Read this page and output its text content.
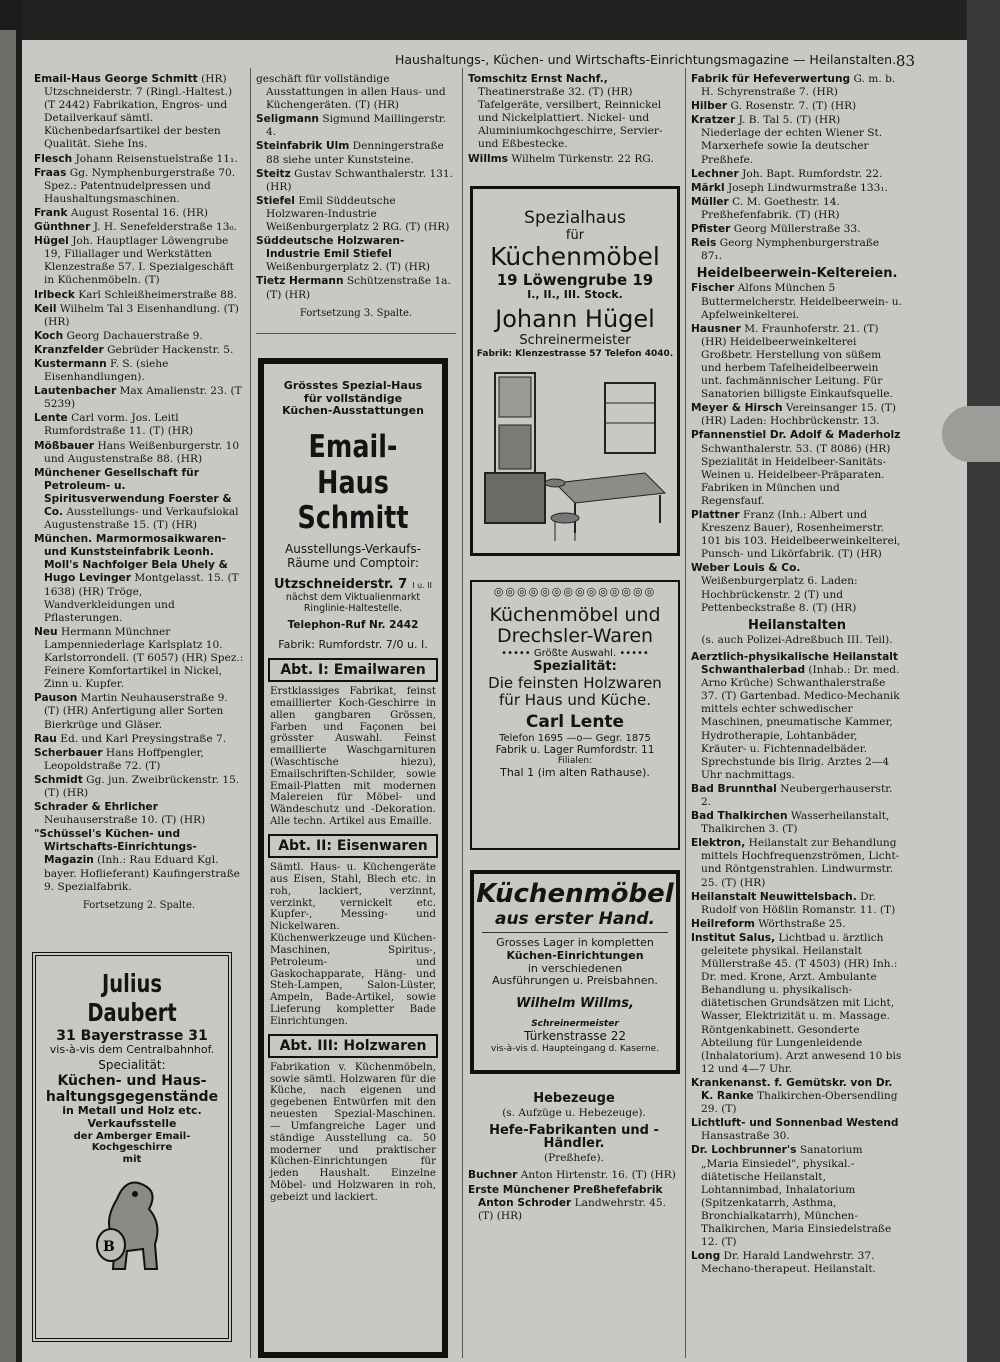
Haushaltungs-, Küchen- und Wirtschafts-Einrichtungsmagazine — Heilanstalten. 83

Email-Haus George Schmitt (HR) Utzschneiderstr. 7 (Ringl.-Haltest.) (T 2442) Fabrikation, Engros- und Detailverkauf sämtl. Küchenbedarfsartikel der besten Qualität. Siehe Ins.

Flesch Johann Reisenstuelstraße 11₁.

Fraas Gg. Nymphenburgerstraße 70. Spez.: Patentnudelpressen und Haushaltungsmaschinen.

Frank August Rosental 16. (HR)

Günthner J. H. Senefelderstraße 13₀.

Hügel Joh. Hauptlager Löwengrube 19, Filiallager und Werkstätten Klenzestraße 57. I. Spezialgeschäft in Küchenmöbeln. (T)

Irlbeck Karl Schleißheimerstraße 88.

Keil Wilhelm Tal 3 Eisenhandlung. (T) (HR)

Koch Georg Dachauerstraße 9.

Kranzfelder Gebrüder Hackenstr. 5.

Kustermann F. S. (siehe Eisenhandlungen).

Lautenbacher Max Amalienstr. 23. (T 5239)

Lente Carl vorm. Jos. Leitl Rumfordstraße 11. (T) (HR)

Mößbauer Hans Weißenburgerstr. 10 und Augustenstraße 88. (HR)

Münchener Gesellschaft für Petroleum- u. Spiritusverwendung Foerster & Co. Ausstellungs- und Verkaufslokal Augustenstraße 15. (T) (HR)

München. Marmormosaikwaren- und Kunststeinfabrik Leonh. Moll's Nachfolger Bela Uhely & Hugo Levinger Montgelasst. 15. (T 1638) (HR) Tröge, Wandverkleidungen und Pflasterungen.

Neu Hermann Münchner Lampenniederlage Karlsplatz 10. Karlstorrondell. (T 6057) (HR) Spez.: Feinere Komfortartikel in Nickel, Zinn u. Kupfer.

Pauson Martin Neuhauserstraße 9. (T) (HR) Anfertigung aller Sorten Bierkrüge und Gläser.

Rau Ed. und Karl Preysingstraße 7.

Scherbauer Hans Hoffpengler, Leopoldstraße 72. (T)

Schmidt Gg. jun. Zweibrückenstr. 15. (T) (HR)

Schrader & Ehrlicher Neuhauserstraße 10. (T) (HR)

"Schüssel's Küchen- und Wirtschafts-Einrichtungs-Magazin (Inh.: Rau Eduard Kgl. bayer. Hoflieferant) Kaufingerstraße 9. Spezialfabrik.

Fortsetzung 2. Spalte.

geschäft für vollständige Ausstattungen in allen Haus- und Küchengeräten. (T) (HR)

Seligmann Sigmund Maillingerstr. 4.

Steinfabrik Ulm Denningerstraße 88 siehe unter Kunststeine.

Steitz Gustav Schwanthalerstr. 131. (HR)

Stiefel Emil Süddeutsche Holzwaren-Industrie Weißenburgerplatz 2 RG. (T) (HR)

Süddeutsche Holzwaren-Industrie Emil Stiefel Weißenburgerplatz 2. (T) (HR)

Tietz Hermann Schützenstraße 1a. (T) (HR)

Fortsetzung 3. Spalte.

Tomschitz Ernst Nachf., Theatinerstraße 32. (T) (HR) Tafelgeräte, versilbert, Reinnickel und Nickelplattiert. Nickel- und Aluminiumkochgeschirre, Servier- und Eßbestecke.

Willms Wilhelm Türkenstr. 22 RG.

Fabrik für Hefeverwertung G. m. b. H. Schyrenstraße 7. (HR)

Hilber G. Rosenstr. 7. (T) (HR)

Kratzer J. B. Tal 5. (T) (HR) Niederlage der echten Wiener St. Marxerhefe sowie Ia deutscher Preßhefe.

Lechner Joh. Bapt. Rumfordstr. 22.

Märkl Joseph Lindwurmstraße 133₁.

Müller C. M. Goethestr. 14. Preßhefenfabrik. (T) (HR)

Pfister Georg Müllerstraße 33.

Reis Georg Nymphenburgerstraße 87₁.

Heidelbeerwein-Keltereien.

Fischer Alfons München 5 Buttermelcherstr. Heidelbeerwein- u. Apfelweinkelterei.

Hausner M. Fraunhoferstr. 21. (T) (HR) Heidelbeerweinkelterei Großbetr. Herstellung von süßem und herbem Tafelheidelbeerwein unt. fachmännischer Leitung. Für Sanatorien billigste Einkaufsquelle.

Meyer & Hirsch Vereinsanger 15. (T) (HR) Laden: Hochbrückenstr. 13.

Pfannenstiel Dr. Adolf & Maderholz Schwanthalerstr. 53. (T 8086) (HR) Spezialität in Heidelbeer-Sanitäts-Weinen u. Heidelbeer-Präparaten. Fabriken in München und Regensfauf.

Plattner Franz (Inh.: Albert und Kreszenz Bauer), Rosenheimerstr. 101 bis 103. Heidelbeerweinkelterei, Punsch- und Likörfabrik. (T) (HR)

Weber Louis & Co. Weißenburgerplatz 6. Laden: Hochbrückenstr. 2 (T) und Pettenbeckstraße 8. (T) (HR)

Heilanstalten
(s. auch Polizei-Adreßbuch III. Teil).

Aerztlich-physikalische Heilanstalt Schwanthalerbad (Inhab.: Dr. med. Arno Krüche) Schwanthalerstraße 37. (T) Gartenbad. Medico-Mechanik mittels echter schwedischer Maschinen, pneumatische Kammer, Hydrotherapie, Lohtanbäder, Kräuter- u. Fichtennadelbäder. Sprechstunde bis Ilrig. Arztes 2—4 Uhr nachmittags.

Bad Brunnthal Neubergerhauserstr. 2.

Bad Thalkirchen Wasserheilanstalt, Thalkirchen 3. (T)

Elektron, Heilanstalt zur Behandlung mittels Hochfrequenzströmen, Licht- und Röntgenstrahlen. Lindwurmstr. 25. (T) (HR)

Heilanstalt Neuwittelsbach. Dr. Rudolf von Hößlin Romanstr. 11. (T)

Heilreform Wörthstraße 25.

Institut Salus, Lichtbad u. ärztlich geleitete physikal. Heilanstalt Müllerstraße 45. (T 4503) (HR) Inh.: Dr. med. Krone, Arzt. Ambulante Behandlung u. physikalisch-diätetischen Grundsätzen mit Licht, Wasser, Elektrizität u. m. Massage. Röntgenkabinett. Gesonderte Abteilung für Lungenleidende (Inhalatorium). Arzt anwesend 10 bis 12 und 4—7 Uhr.

Krankenanst. f. Gemütskr. von Dr. K. Ranke Thalkirchen-Obersendling 29. (T)

Lichtluft- und Sonnenbad Westend Hansastraße 30.

Dr. Lochbrunner's Sanatorium „Maria Einsiedel", physikal.-diätetische Heilanstalt, Lohtannimbad, Inhalatorium (Spitzenkatarrh, Asthma, Bronchialkatarrh), München-Thalkirchen, Maria Einsiedelstraße 12. (T)

Long Dr. Harald Landwehrstr. 37. Mechano-therapeut. Heilanstalt.

Hebezeuge
(s. Aufzüge u. Hebezeuge).
Hefe-Fabrikanten und -Händler.
(Preßhefe).

Buchner Anton Hirtenstr. 16. (T) (HR)

Erste Münchener Preßhefefabrik Anton Schroder Landwehrstr. 45. (T) (HR)

Spezialhaus
für
Küchenmöbel
19 Löwengrube 19
I., II., III. Stock.
Johann Hügel
Schreinermeister
Fabrik: Klenzestrasse 57 Telefon 4040.
◎◎◎◎◎◎◎◎◎◎◎◎◎◎
Küchenmöbel und
Drechsler-Waren
••••• Größte Auswahl. •••••
Spezialität:
Die feinsten Holzwaren
für Haus und Küche.
Carl Lente
Telefon 1695 —o— Gegr. 1875
Fabrik u. Lager Rumfordstr. 11
Filialen:
Thal 1 (im alten Rathause).
Küchenmöbel
aus erster Hand.
Grosses Lager in kompletten
Küchen-Einrichtungen
in verschiedenen
Ausführungen u. Preisbahnen.
Wilhelm Willms, Schreinermeister
Türkenstrasse 22
vis-à-vis d. Haupteingang d. Kaserne.
Grösstes Spezial-Haus
für vollständige
Küchen-Ausstattungen
Email-Haus
Schmitt
Ausstellungs-Verkaufs-
Räume und Comptoir:
Utzschneiderstr. 7 I u. II
nächst dem Viktualienmarkt
Ringlinie-Haltestelle.
Telephon-Ruf Nr. 2442
Fabrik: Rumfordstr. 7/0 u. I.
Abt. I: Emailwaren
Erstklassiges Fabrikat, feinst emaillierter Koch-Geschirre in allen gangbaren Grössen, Farben und Façonen bei grösster Auswahl. Feinst emaillierte Waschgarnituren (Waschtische hiezu), Emailschriften-Schilder, sowie Email-Platten mit modernen Malereien für Möbel- und Wändeschutz und -Dekoration. Alle techn. Artikel aus Emaille.
Abt. II: Eisenwaren
Sämtl. Haus- u. Küchengeräte aus Eisen, Stahl, Blech etc. in roh, lackiert, verzinnt, verzinkt, vernickelt etc. Kupfer-, Messing- und Nickelwaren. Küchenwerkzeuge und Küchen-Maschinen, Spiritus-, Petroleum- und Gaskochapparate, Häng- und Steh-Lampen, Salon-Lüster, Ampeln, Bade-Artikel, sowie Lieferung kompletter Bade Einrichtungen.
Abt. III: Holzwaren
Fabrikation v. Küchenmöbeln, sowie sämtl. Holzwaren für die Küche, nach eigenen und gegebenen Entwürfen mit den neuesten Spezial-Maschinen. — Umfangreiche Lager und ständige Ausstellung ca. 50 moderner und praktischer Küchen-Einrichtungen für jeden Haushalt. Einzelne Möbel- und Holzwaren in roh, gebeizt und lackiert.
Julius Daubert
31 Bayerstrasse 31
vis-à-vis dem Centralbahnhof.
Specialität:
Küchen- und Haus-
haltungsgegenstände
in Metall und Holz etc.
Verkaufsstelle
der Amberger Email-Kochgeschirre
mit
B
